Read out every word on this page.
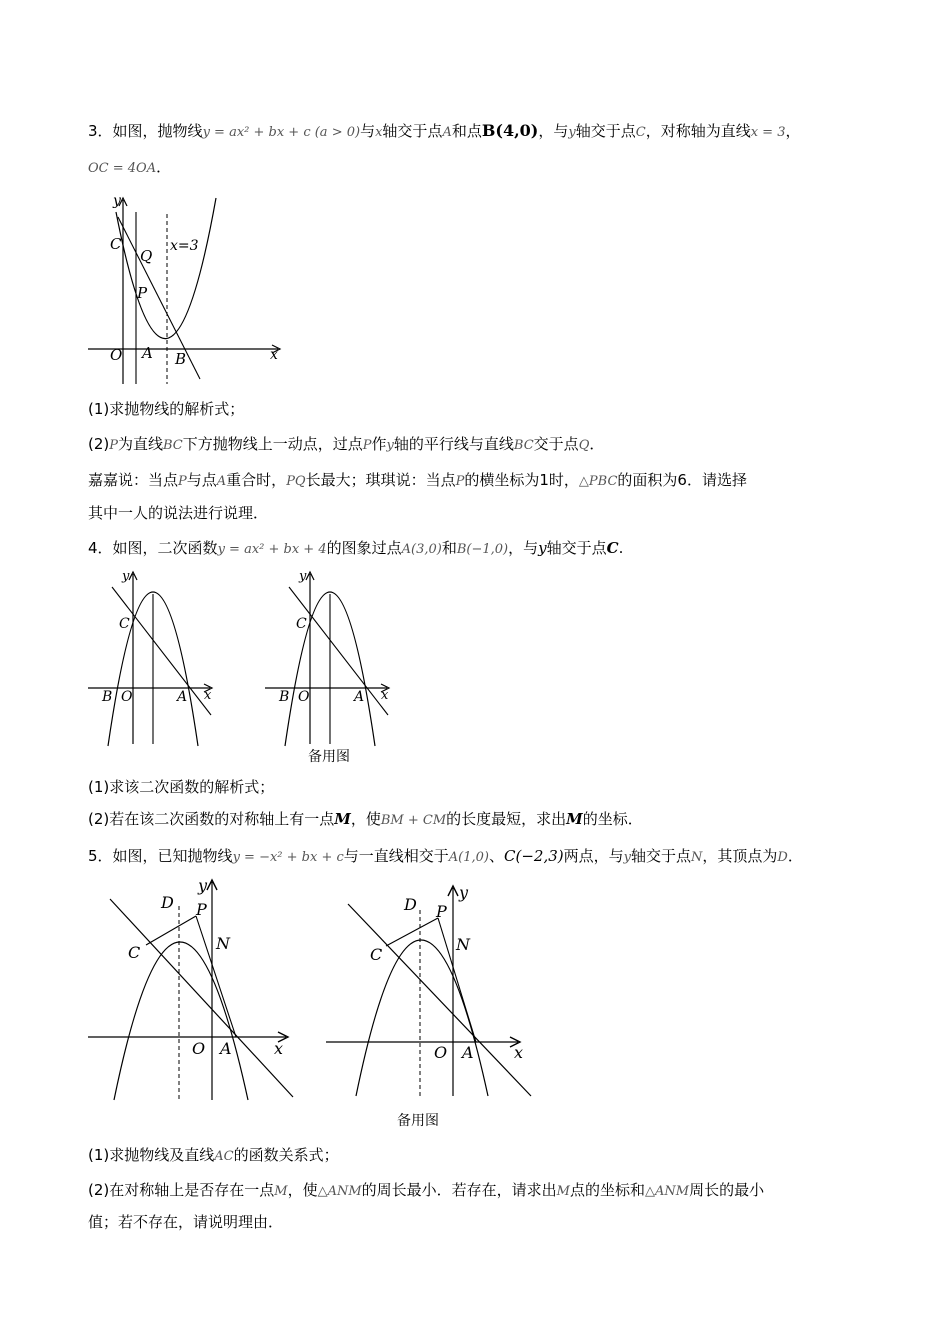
3．如图，抛物线y = ax² + bx + c (a > 0)与x轴交于点A和点B(4,0)，与y轴交于点C，对称轴为直线x = 3，
OC = 4OA．
y
C
Q
P
x=3
O A B	x
(1)求抛物线的解析式；
(2)P为直线BC下方抛物线上一动点，过点P作y轴的平行线与直线BC交于点Q．
嘉嘉说：当点P与点A重合时，PQ长最大；琪琪说：当点P的横坐标为1时，△PBC的面积为6．请选择
其中一人的说法进行说理．
4．如图，二次函数y = ax² + bx + 4的图象过点A(3,0)和B(−1,0)，与y轴交于点C.
y
C
B O	A x
y
C
B O	A x
备用图
(1)求该二次函数的解析式；
(2)若在该二次函数的对称轴上有一点M，使BM + CM的长度最短，求出M的坐标．
5．如图，已知抛物线y = −x² + bx + c与一直线相交于A(1,0)、C(−2,3)两点，与y轴交于点N，其顶点为D．
y
D P
N
C
O A	x
y
D P
N
C
O A	x
备用图
(1)求抛物线及直线AC的函数关系式；
(2)在对称轴上是否存在一点M，使△ANM的周长最小．若存在，请求出M点的坐标和△ANM周长的最小
值；若不存在，请说明理由．
